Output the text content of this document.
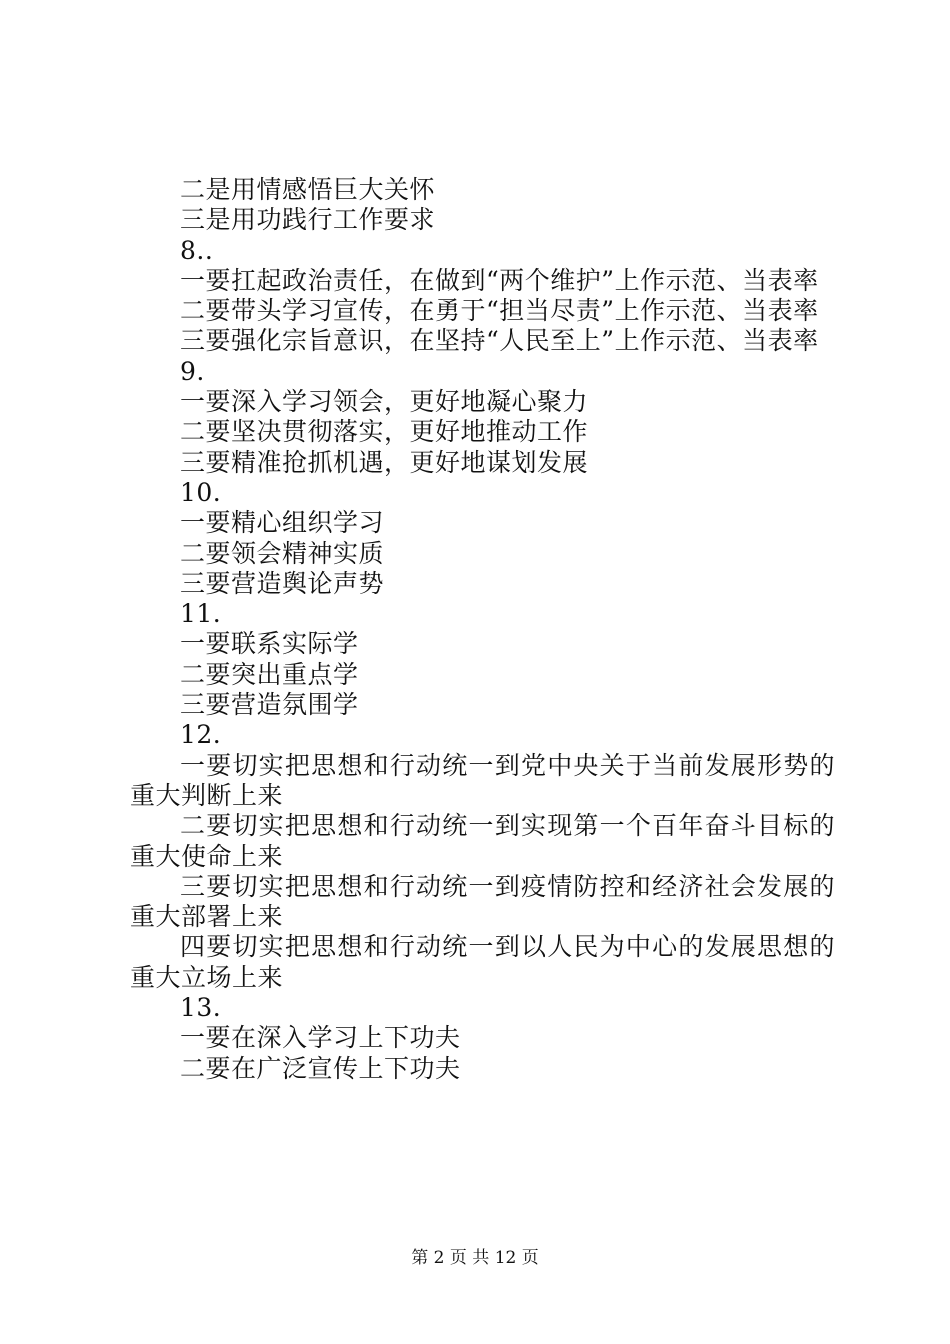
二是用情感悟巨大关怀
三是用功践行工作要求
8..
一要扛起政治责任，在做到“两个维护”上作示范、当表率
二要带头学习宣传，在勇于“担当尽责”上作示范、当表率
三要强化宗旨意识，在坚持“人民至上”上作示范、当表率
9.
一要深入学习领会，更好地凝心聚力
二要坚决贯彻落实，更好地推动工作
三要精准抢抓机遇，更好地谋划发展
10.
一要精心组织学习
二要领会精神实质
三要营造舆论声势
11.
一要联系实际学
二要突出重点学
三要营造氛围学
12.
一要切实把思想和行动统一到党中央关于当前发展形势的重大判断上来
二要切实把思想和行动统一到实现第一个百年奋斗目标的重大使命上来
三要切实把思想和行动统一到疫情防控和经济社会发展的重大部署上来
四要切实把思想和行动统一到以人民为中心的发展思想的重大立场上来
13.
一要在深入学习上下功夫
二要在广泛宣传上下功夫
第 2 页 共 12 页
